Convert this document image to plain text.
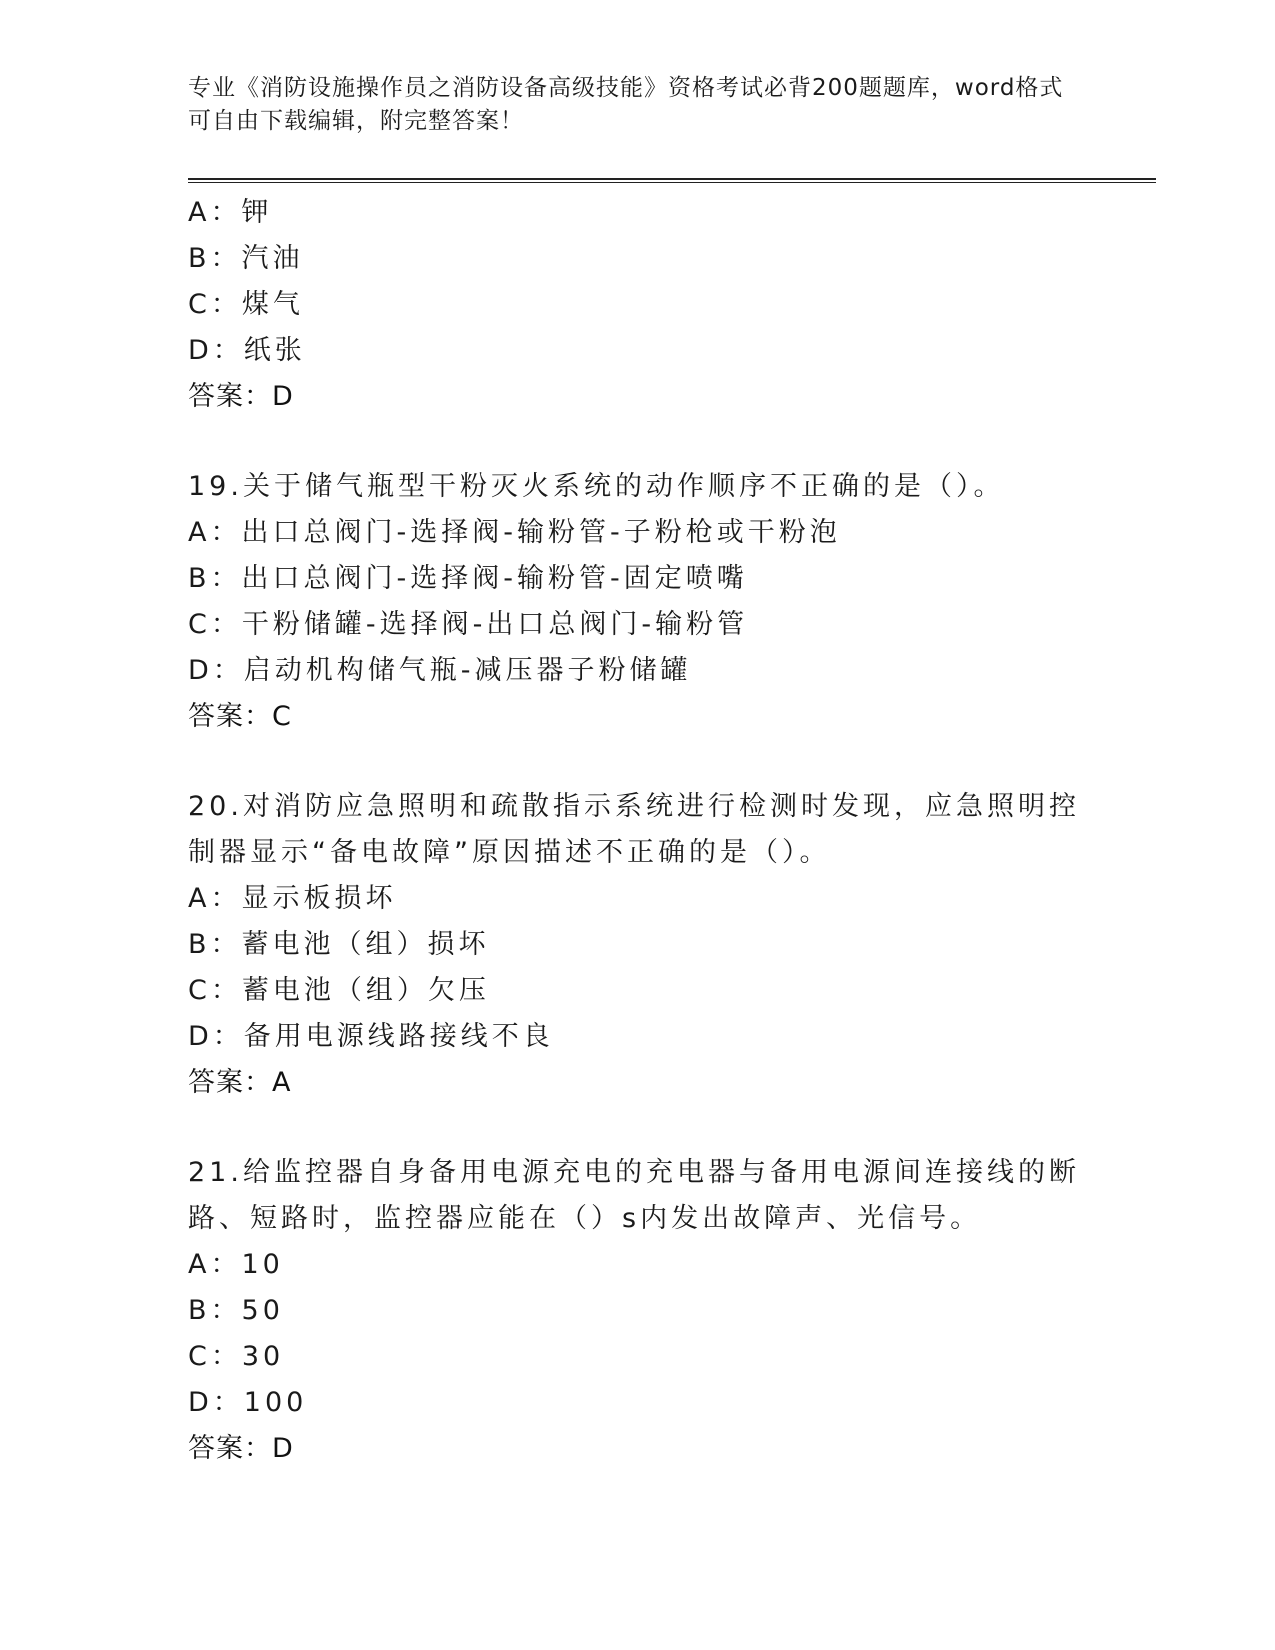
专业《消防设施操作员之消防设备高级技能》资格考试必背200题题库，word格式可自由下载编辑，附完整答案！
A：钾
B：汽油
C：煤气
D：纸张
答案：D
19.关于储气瓶型干粉灭火系统的动作顺序不正确的是（）。
A：出口总阀门-选择阀-输粉管-子粉枪或干粉泡
B：出口总阀门-选择阀-输粉管-固定喷嘴
C：干粉储罐-选择阀-出口总阀门-输粉管
D：启动机构储气瓶-减压器子粉储罐
答案：C
20.对消防应急照明和疏散指示系统进行检测时发现，应急照明控制器显示“备电故障”原因描述不正确的是（）。
A：显示板损坏
B：蓄电池（组）损坏
C：蓄电池（组）欠压
D：备用电源线路接线不良
答案：A
21.给监控器自身备用电源充电的充电器与备用电源间连接线的断路、短路时，监控器应能在（）s内发出故障声、光信号。
A：10
B：50
C：30
D：100
答案：D
